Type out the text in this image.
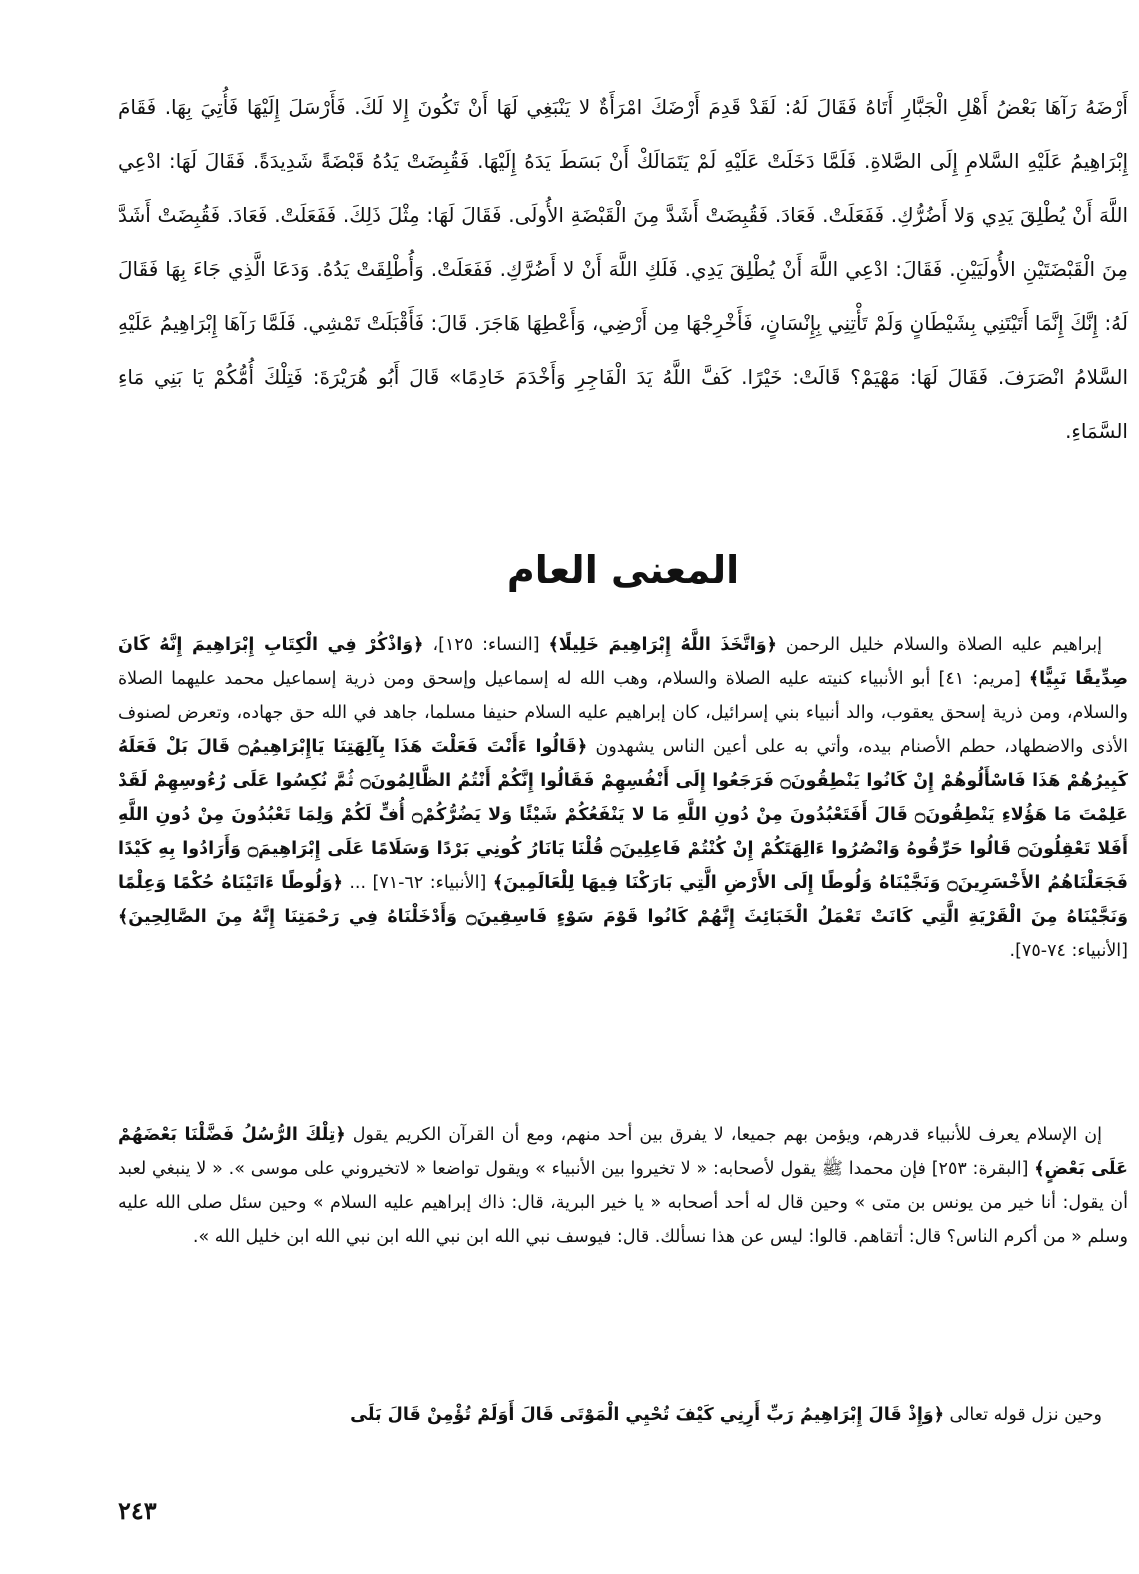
أَرْضَهُ رَآهَا بَعْضُ أَهْلِ الْجَبَّارِ أَتَاهُ فَقَالَ لَهُ: لَقَدْ قَدِمَ أَرْضَكَ امْرَأَةٌ لا يَنْبَغِي لَهَا أَنْ تَكُونَ إِلا لَكَ. فَأَرْسَلَ إِلَيْهَا فَأُتِيَ بِهَا. فَقَامَ إِبْرَاهِيمُ عَلَيْهِ السَّلامِ إِلَى الصَّلاةِ. فَلَمَّا دَخَلَتْ عَلَيْهِ لَمْ يَتَمَالَكْ أَنْ بَسَطَ يَدَهُ إِلَيْهَا. فَقُبِضَتْ يَدُهُ قَبْضَةً شَدِيدَةً. فَقَالَ لَهَا: ادْعِي اللَّهَ أَنْ يُطْلِقَ يَدِي وَلا أَضُرُّكِ. فَفَعَلَتْ. فَعَادَ. فَقُبِضَتْ أَشَدَّ مِنَ الْقَبْضَةِ الأُولَى. فَقَالَ لَهَا: مِثْلَ ذَلِكَ. فَفَعَلَتْ. فَعَادَ. فَقُبِضَتْ أَشَدَّ مِنَ الْقَبْضَتَيْنِ الأُولَيَيْنِ. فَقَالَ: ادْعِي اللَّهَ أَنْ يُطْلِقَ يَدِي. فَلَكِ اللَّهَ أَنْ لا أَضُرَّكِ. فَفَعَلَتْ. وَأُطْلِقَتْ يَدُهُ. وَدَعَا الَّذِي جَاءَ بِهَا فَقَالَ لَهُ: إِنَّكَ إِنَّمَا أَتَيْتَنِي بِشَيْطَانٍ وَلَمْ تَأْتِنِي بِإِنْسَانٍ، فَأَخْرِجْهَا مِن أَرْضِي، وَأَعْطِهَا هَاجَرَ. قَالَ: فَأَقْبَلَتْ تَمْشِي. فَلَمَّا رَآهَا إِبْرَاهِيمُ عَلَيْهِ السَّلامُ انْصَرَفَ. فَقَالَ لَهَا: مَهْيَمْ؟ قَالَتْ: خَيْرًا. كَفَّ اللَّهُ يَدَ الْفَاجِرِ وَأَخْدَمَ خَادِمًا» قَالَ أَبُو هُرَيْرَةَ: فَتِلْكَ أُمُّكُمْ يَا بَنِي مَاءِ السَّمَاءِ.
المعنى العام
إبراهيم عليه الصلاة والسلام خليل الرحمن ﴿وَاتَّخَذَ اللَّهُ إِبْرَاهِيمَ خَلِيلًا﴾ [النساء: ١٢٥]، ﴿وَاذْكُرْ فِي الْكِتَابِ إِبْرَاهِيمَ إِنَّهُ كَانَ صِدِّيقًا نَبِيًّا﴾ [مريم: ٤١] أبو الأنبياء كنيته عليه الصلاة والسلام، وهب الله له إسماعيل وإسحق ومن ذرية إسماعيل محمد عليهما الصلاة والسلام، ومن ذرية إسحق يعقوب، والد أنبياء بني إسرائيل، كان إبراهيم عليه السلام حنيفا مسلما، جاهد في الله حق جهاده، وتعرض لصنوف الأذى والاضطهاد، حطم الأصنام بيده، وأتي به على أعين الناس يشهدون ﴿قَالُوا ءَأَنْتَ فَعَلْتَ هَذَا بِآلِهَتِنَا يَاإِبْرَاهِيمُ۝ قَالَ بَلْ فَعَلَهُ كَبِيرُهُمْ هَذَا فَاسْأَلُوهُمْ إِنْ كَانُوا يَنْطِقُونَ۝ فَرَجَعُوا إِلَى أَنْفُسِهِمْ فَقَالُوا إِنَّكُمْ أَنْتُمُ الظَّالِمُونَ۝ ثُمَّ نُكِسُوا عَلَى رُءُوسِهِمْ لَقَدْ عَلِمْتَ مَا هَؤُلاءِ يَنْطِقُونَ۝ قَالَ أَفَتَعْبُدُونَ مِنْ دُونِ اللَّهِ مَا لا يَنْفَعُكُمْ شَيْئًا وَلا يَضُرُّكُمْ۝ أُفٍّ لَكُمْ وَلِمَا تَعْبُدُونَ مِنْ دُونِ اللَّهِ أَفَلا تَعْقِلُونَ۝ قَالُوا حَرِّقُوهُ وَانْصُرُوا ءَالِهَتَكُمْ إِنْ كُنْتُمْ فَاعِلِينَ۝ قُلْنَا يَانَارُ كُونِي بَرْدًا وَسَلَامًا عَلَى إِبْرَاهِيمَ۝ وَأَرَادُوا بِهِ كَيْدًا فَجَعَلْنَاهُمُ الأَخْسَرِينَ۝ وَنَجَّيْنَاهُ وَلُوطًا إِلَى الأَرْضِ الَّتِي بَارَكْنَا فِيهَا لِلْعَالَمِينَ﴾ [الأنبياء: ٦٢-٧١] ... ﴿وَلُوطًا ءَاتَيْنَاهُ حُكْمًا وَعِلْمًا وَنَجَّيْنَاهُ مِنَ الْقَرْيَةِ الَّتِي كَانَتْ تَعْمَلُ الْخَبَائِثَ إِنَّهُمْ كَانُوا قَوْمَ سَوْءٍ فَاسِقِينَ۝ وَأَدْخَلْنَاهُ فِي رَحْمَتِنَا إِنَّهُ مِنَ الصَّالِحِينَ﴾ [الأنبياء: ٧٤-٧٥].
إن الإسلام يعرف للأنبياء قدرهم، ويؤمن بهم جميعا، لا يفرق بين أحد منهم، ومع أن القرآن الكريم يقول ﴿تِلْكَ الرُّسُلُ فَضَّلْنَا بَعْضَهُمْ عَلَى بَعْضٍ﴾ [البقرة: ٢٥٣] فإن محمدا ﷺ يقول لأصحابه: « لا تخيروا بين الأنبياء » ويقول تواضعا « لاتخيروني على موسى ». « لا ينبغي لعبد أن يقول: أنا خير من يونس بن متى » وحين قال له أحد أصحابه « يا خير البرية، قال: ذاك إبراهيم عليه السلام » وحين سئل صلى الله عليه وسلم « من أكرم الناس؟ قال: أتقاهم. قالوا: ليس عن هذا نسألك. قال: فيوسف نبي الله ابن نبي الله ابن نبي الله ابن خليل الله ».
وحين نزل قوله تعالى ﴿وَإِذْ قَالَ إِبْرَاهِيمُ رَبِّ أَرِنِي كَيْفَ تُحْيِي الْمَوْتَى قَالَ أَوَلَمْ تُؤْمِنْ قَالَ بَلَى
٢٤٣
